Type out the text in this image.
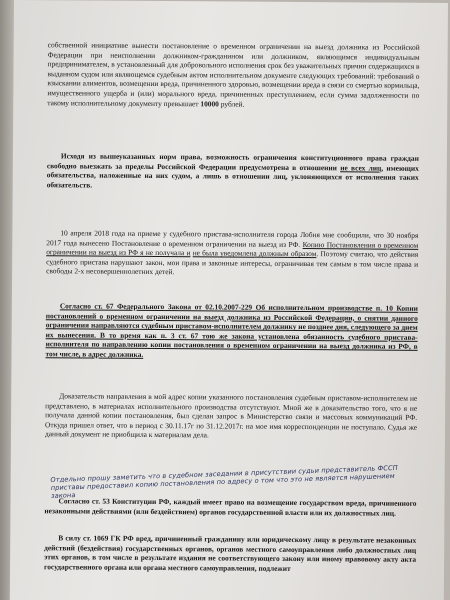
собственной инициативе вынести постановление о временном ограничении на выезд должника из Российской Федерации при неисполнении должником-гражданином или должником, являющимся индивидуальным предпринимателем, в установленный для добровольного исполнения срок без уважительных причин содержащихся в выданном судом или являющемся судебным актом исполнительном документе следующих требований: требований о взыскании алиментов, возмещении вреда, причиненного здоровью, возмещении вреда в связи со смертью кормильца, имущественного ущерба и (или) морального вреда, причиненных преступлением, если сумма задолженности по такому исполнительному документу превышает 10000 рублей.
Исходя из вышеуказанных норм права, возможность ограничения конституционного права граждан свободно выезжать за пределы Российской Федерации предусмотрена в отношении не всех лиц, имеющих обязательства, наложенные на них судом, а лишь в отношении лиц, уклоняющихся от исполнения таких обязательств.
10 апреля 2018 года на приеме у судебного пристава-исполнителя города Лобня мне сообщили, что 30 ноября 2017 года вынесено Постановление о временном ограничении на выезд из РФ. Копию Постановления о временном ограничении на выезд из РФ я не получала и не была уведомлена должным образом. Поэтому считаю, что действия судебного пристава нарушают закон, мои права и законные интересы, ограничивая тем самым в том числе права и свободы 2-х несовершеннолетних детей.
Согласно ст. 67 Федерального Закона от 02.10.2007-229 Об исполнительном производстве п. 10 Копии постановлений о временном ограничении на выезд должника из Российской Федерации, о снятии данного ограничения направляются судебным приставом-исполнителем должнику не позднее дня, следующего за днем их вынесения. В то время как п. 3 ст. 67 тою же закона установлена обязанность судебного пристава-исполнителя по направлению копии постановления о временном ограничении на выезд должника из РФ, в том числе, в адрес должника.
Доказательств направления в мой адрес копии указанного постановления судебным приставом-исполнителем не представлено, в материалах исполнительного производства отсутствуют. Мной же в доказательство того, что я не получала данной копии постановления, был сделан запрос в Министерство связи и массовых коммуникаций РФ. Откуда пришел ответ, что в период с 30.11.17г по 31.12.2017г. на мое имя корреспонденции не поступало. Судья же данный документ не приобщила к материалам дела.
Отдельно прошу заметить что в судебном заседании в присутствии судьи представитель ФССП приставы предоставил копию постановления по адресу о том что это не является нарушением закона
Согласно ст. 53 Конституции РФ, каждый имеет право на возмещение государством вреда, причиненного незаконными действиями (или бездействием) органов государственной власти или их должностных лиц.
В силу ст. 1069 ГК РФ вред, причиненный гражданину или юридическому лицу в результате незаконных действий (бездействия) государственных органов, органов местного самоуправления либо должностных лиц этих органов, в том числе в результате издания не соответствующего закону или иному правовому акту акта государственного органа или органа местного самоуправления, подлежит
